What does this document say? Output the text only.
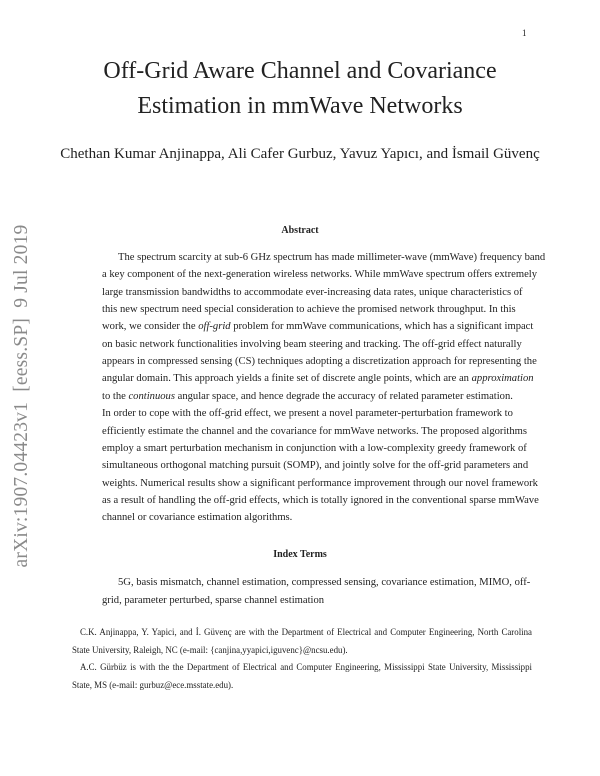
1
arXiv:1907.04423v1  [eess.SP]  9 Jul 2019
Off-Grid Aware Channel and Covariance
Estimation in mmWave Networks
Chethan Kumar Anjinappa, Ali Cafer Gurbuz, Yavuz Yapıcı, and İsmail Güvenç
Abstract
The spectrum scarcity at sub-6 GHz spectrum has made millimeter-wave (mmWave) frequency band
a key component of the next-generation wireless networks. While mmWave spectrum offers extremely
large transmission bandwidths to accommodate ever-increasing data rates, unique characteristics of
this new spectrum need special consideration to achieve the promised network throughput. In this
work, we consider the off-grid problem for mmWave communications, which has a significant impact
on basic network functionalities involving beam steering and tracking. The off-grid effect naturally
appears in compressed sensing (CS) techniques adopting a discretization approach for representing the
angular domain. This approach yields a finite set of discrete angle points, which are an approximation
to the continuous angular space, and hence degrade the accuracy of related parameter estimation.
In order to cope with the off-grid effect, we present a novel parameter-perturbation framework to
efficiently estimate the channel and the covariance for mmWave networks. The proposed algorithms
employ a smart perturbation mechanism in conjunction with a low-complexity greedy framework of
simultaneous orthogonal matching pursuit (SOMP), and jointly solve for the off-grid parameters and
weights. Numerical results show a significant performance improvement through our novel framework
as a result of handling the off-grid effects, which is totally ignored in the conventional sparse mmWave
channel or covariance estimation algorithms.
Index Terms
5G, basis mismatch, channel estimation, compressed sensing, covariance estimation, MIMO, off-
grid, parameter perturbed, sparse channel estimation
C.K. Anjinappa, Y. Yapici, and İ. Güvenç are with the Department of Electrical and Computer Engineering, North Carolina
State University, Raleigh, NC (e-mail: {canjina,yyapici,iguvenc}@ncsu.edu).
A.C. Gürbüz is with the the Department of Electrical and Computer Engineering, Mississippi State University, Mississippi
State, MS (e-mail: gurbuz@ece.msstate.edu).
